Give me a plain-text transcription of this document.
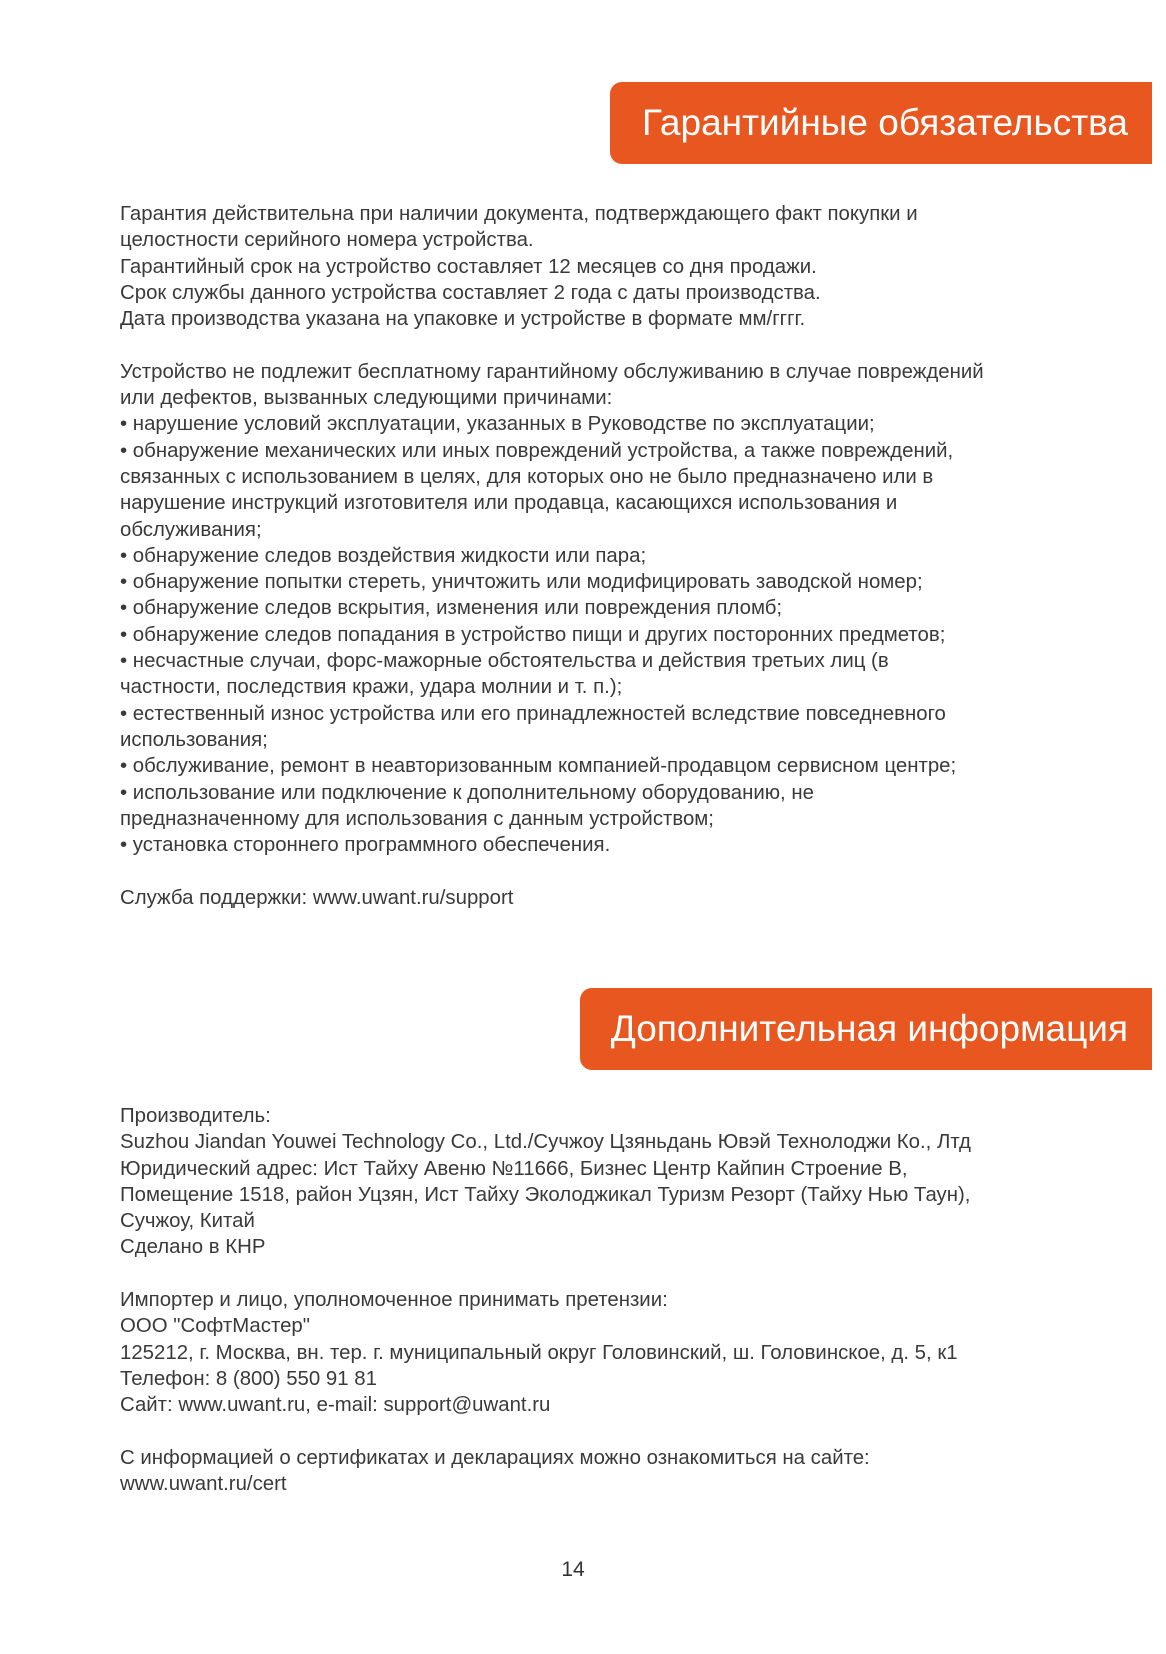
Гарантийные обязательства
Гарантия действительна при наличии документа, подтверждающего факт покупки и
целостности серийного номера устройства.
Гарантийный срок на устройство составляет 12 месяцев со дня продажи.
Срок службы данного устройства составляет 2 года с даты производства.
Дата производства указана на упаковке и устройстве в формате мм/гггг.
Устройство не подлежит бесплатному гарантийному обслуживанию в случае повреждений
или дефектов, вызванных следующими причинами:
• нарушение условий эксплуатации, указанных в Руководстве по эксплуатации;
• обнаружение механических или иных повреждений устройства, а также повреждений,
связанных с использованием в целях, для которых оно не было предназначено или в
нарушение инструкций изготовителя или продавца, касающихся использования и
обслуживания;
• обнаружение следов воздействия жидкости или пара;
• обнаружение попытки стереть, уничтожить или модифицировать заводской номер;
• обнаружение следов вскрытия, изменения или повреждения пломб;
• обнаружение следов попадания в устройство пищи и других посторонних предметов;
• несчастные случаи, форс-мажорные обстоятельства и действия третьих лиц (в
частности, последствия кражи, удара молнии и т. п.);
• естественный износ устройства или его принадлежностей вследствие повседневного
использования;
• обслуживание, ремонт в неавторизованным компанией-продавцом сервисном центре;
• использование или подключение к дополнительному оборудованию, не
предназначенному для использования с данным устройством;
• установка стороннего программного обеспечения.
Служба поддержки: www.uwant.ru/support
Дополнительная информация
Производитель:
Suzhou Jiandan Youwei Technology Co., Ltd./Сучжоу Цзяньдань Ювэй Технолоджи Ко., Лтд
Юридический адрес: Ист Тайху Авеню №11666, Бизнес Центр Кайпин Строение В,
Помещение 1518, район Уцзян, Ист Тайху Эколоджикал Туризм Резорт (Тайху Нью Таун),
Сучжоу, Китай
Сделано в КНР
Импортер и лицо, уполномоченное принимать претензии:
ООО "СофтМастер"
125212, г. Москва, вн. тер. г. муниципальный округ Головинский, ш. Головинское, д. 5, к1
Телефон: 8 (800) 550 91 81
Сайт: www.uwant.ru, e-mail: support@uwant.ru
С информацией о сертификатах и декларациях можно ознакомиться на сайте:
www.uwant.ru/cert
14
